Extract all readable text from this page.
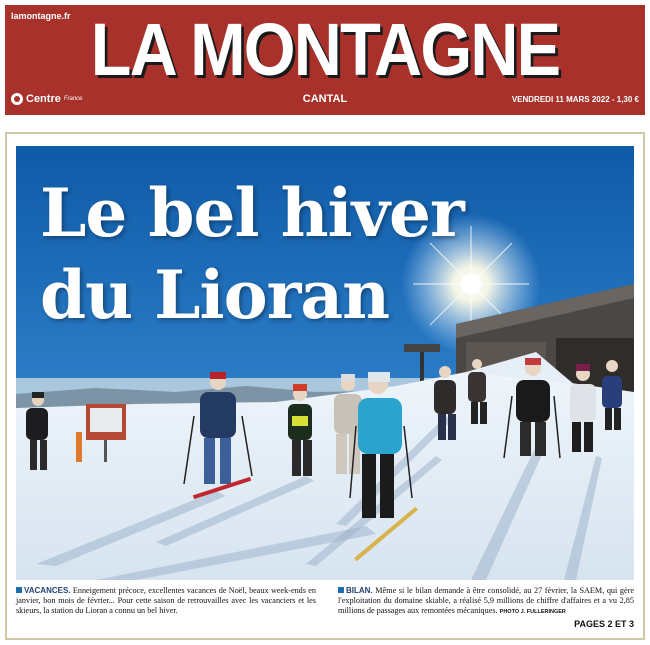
lamontagne.fr LA MONTAGNE
Centre France	CANTAL	VENDREDI 11 MARS 2022 - 1,30 €
Le bel hiver
du Lioran
VACANCES. Enneigement précoce, excellentes vacances de Noël, beaux week-ends en janvier, bon mois de février... Pour cette saison de retrouvailles avec les vacanciers et les skieurs, la station du Lioran a connu un bel hiver.
BILAN. Même si le bilan demande à être consolidé, au 27 février, la SAEM, qui gère l'exploitation du domaine skiable, a réalisé 5,9 millions de chiffre d'affaires et a vu 2,85 millions de passages aux remontées mécaniques. PHOTO J. FULLERINGER
PAGES 2 ET 3
